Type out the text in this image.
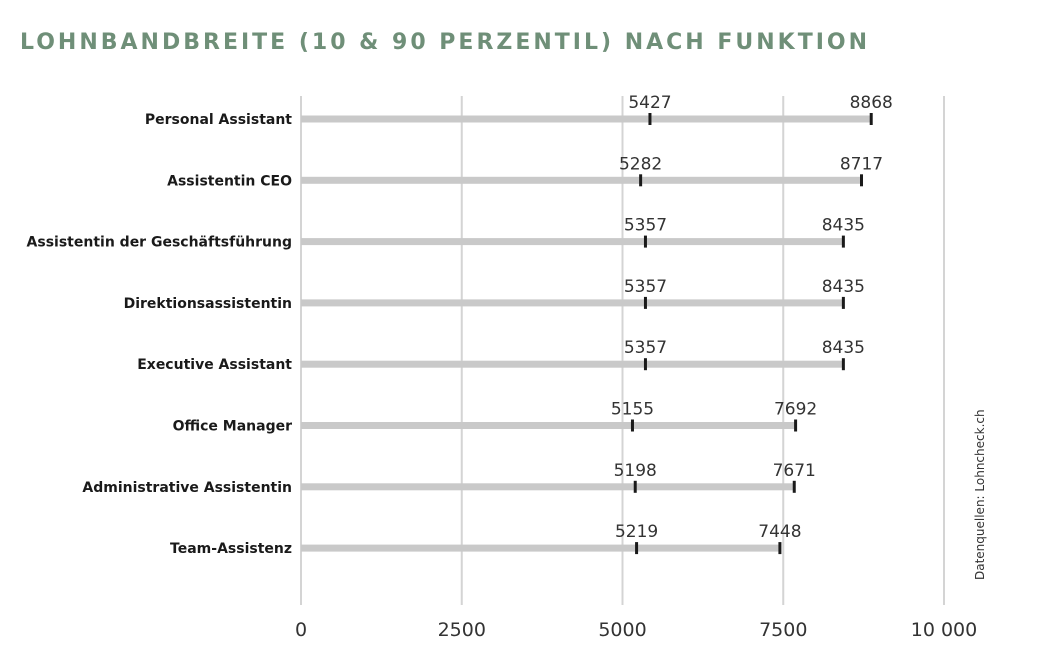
LOHNBANDBREITE (10 & 90 PERZENTIL) NACH FUNKTION
0	2500	5000	7500	10 000
Personal Assistant
5427	8868
Assistentin CEO
5282	8717
Assistentin der Geschäftsführung
5357	8435
Direktionsassistentin
5357	8435
Executive Assistant
5357	8435
Office Manager
5155	7692
Administrative Assistentin
5198	7671
Team-Assistenz
5219	7448	Datenquellen: Lohncheck.ch
